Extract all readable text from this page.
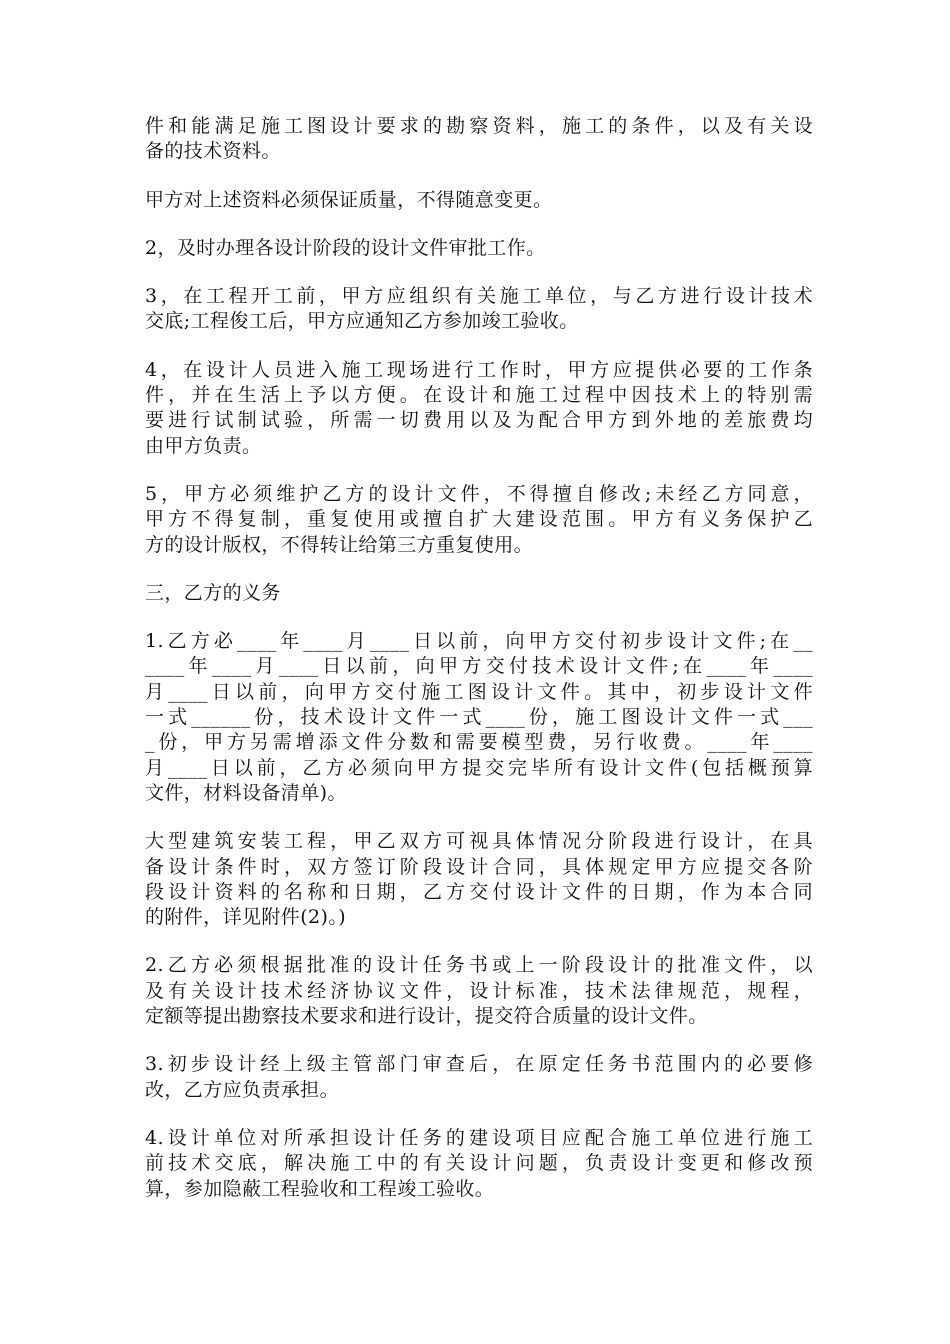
件和能满足施工图设计要求的勘察资料，施工的条件，以及有关设
备的技术资料。
甲方对上述资料必须保证质量，不得随意变更。
2，及时办理各设计阶段的设计文件审批工作。
3，在工程开工前，甲方应组织有关施工单位，与乙方进行设计技术
交底;工程俊工后，甲方应通知乙方参加竣工验收。
4，在设计人员进入施工现场进行工作时，甲方应提供必要的工作条
件，并在生活上予以方便。在设计和施工过程中因技术上的特别需
要进行试制试验，所需一切费用以及为配合甲方到外地的差旅费均
由甲方负责。
5，甲方必须维护乙方的设计文件，不得擅自修改;未经乙方同意，
甲方不得复制，重复使用或擅自扩大建设范围。甲方有义务保护乙
方的设计版权，不得转让给第三方重复使用。
三，乙方的义务
1.乙方必____年____月____日以前，向甲方交付初步设计文件;在__
____年____月____日以前，向甲方交付技术设计文件;在____年____
月____日以前，向甲方交付施工图设计文件。其中，初步设计文件
一式______份，技术设计文件一式____份，施工图设计文件一式___
_份，甲方另需增添文件分数和需要模型费，另行收费。____年____
月____日以前，乙方必须向甲方提交完毕所有设计文件(包括概预算
文件，材料设备清单)。
大型建筑安装工程，甲乙双方可视具体情况分阶段进行设计，在具
备设计条件时，双方签订阶段设计合同，具体规定甲方应提交各阶
段设计资料的名称和日期，乙方交付设计文件的日期，作为本合同
的附件，详见附件(2)。)
2.乙方必须根据批准的设计任务书或上一阶段设计的批准文件，以
及有关设计技术经济协议文件，设计标准，技术法律规范，规程，
定额等提出勘察技术要求和进行设计，提交符合质量的设计文件。
3.初步设计经上级主管部门审查后，在原定任务书范围内的必要修
改，乙方应负责承担。
4.设计单位对所承担设计任务的建设项目应配合施工单位进行施工
前技术交底，解决施工中的有关设计问题，负责设计变更和修改预
算，参加隐蔽工程验收和工程竣工验收。
